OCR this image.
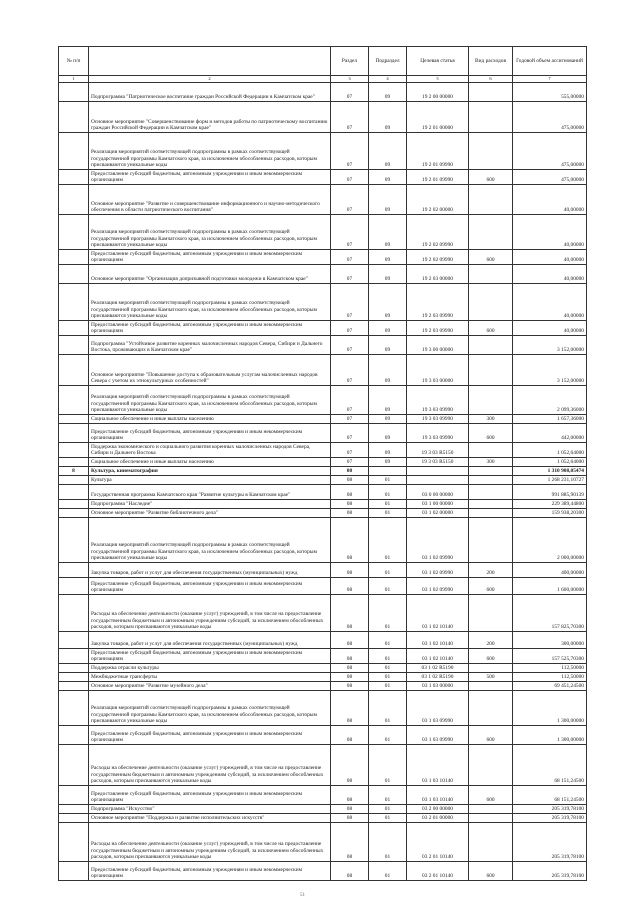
№ п/п		Раздел	Подраздел	Целевая статья	Вид расходов	Годовой объем ассигнований
1	2	3	4	5	6	7
	Подпрограмма "Патриотическое воспитание граждан Российской Федерации в Камчатском крае"	07	09	19 2 00 00000		555,00000
	Основное мероприятие "Совершенствование форм и методов работы по патриотическому воспитанию граждан Российской Федерации в Камчатском крае"	07	09	19 2 01 00000		475,00000
	Реализация мероприятий соответствующей подпрограммы в рамках соответствующей государственной программы Камчатского края, за исключением обособленных расходов, которым присваиваются уникальные коды	07	09	19 2 01 09990		475,00000
	Предоставление субсидий бюджетным, автономным учреждениям и иным некоммерческим организациям	07	09	19 2 01 09990	600	475,00000
	Основное мероприятие "Развитие и совершенствование информационного и научно-методического обеспечения в области патриотического воспитания"	07	09	19 2 02 00000		40,00000
	Реализация мероприятий соответствующей подпрограммы в рамках соответствующей государственной программы Камчатского края, за исключением обособленных расходов, которым присваиваются уникальные коды	07	09	19 2 02 09990		40,00000
	Предоставление субсидий бюджетным, автономным учреждениям и иным некоммерческим организациям	07	09	19 2 02 09990	600	40,00000
	Основное мероприятие "Организация допризывной подготовки молодежи в Камчатском крае"	07	09	19 2 03 00000		40,00000
	Реализация мероприятий соответствующей подпрограммы в рамках соответствующей государственной программы Камчатского края, за исключением обособленных расходов, которым присваиваются уникальные коды	07	09	19 2 03 09990		40,00000
	Предоставление субсидий бюджетным, автономным учреждениям и иным некоммерческим организациям	07	09	19 2 03 09990	600	40,00000
	Подпрограмма "Устойчивое развитие коренных малочисленных народов Севера, Сибири и Дальнего Востока, проживающих в Камчатском крае"	07	09	19 3 00 00000		3 152,00000
	Основное мероприятие "Повышение доступа к образовательным услугам малочисленных народов Севера с учетом их этнокультурных особенностей"	07	09	19 3 03 00000		3 152,00000
	Реализация мероприятий соответствующей подпрограммы в рамках соответствующей государственной программы Камчатского края, за исключением обособленных расходов, которым присваиваются уникальные коды	07	09	19 3 03 09990		2 099,36000
	Социальное обеспечение и иные выплаты населению	07	09	19 3 03 09990	300	1 657,36000
	Предоставление субсидий бюджетным, автономным учреждениям и иным некоммерческим организациям	07	09	19 3 03 09990	600	442,00000
	Поддержка экономического и социального развития коренных малочисленных народов Севера, Сибири и Дальнего Востока	07	09	19 3 03 R5150		1 052,64000
	Социальное обеспечение и иные выплаты населению	07	09	19 3 03 R5150	300	1 052,64000
8	Культура, кинематография	08				1 310 908,05474
	Культура	08	01			1 268 231,10727
	Государственная программа Камчатского края "Развитие культуры в Камчатском крае"	08	01	03 0 00 00000		991 885,90139
	Подпрограмма "Наследие"	08	01	03 1 00 00000		229 389,44800
	Основное мероприятие "Развитие библиотечного дела"	08	01	03 1 02 00000		159 938,20300
	Реализация мероприятий соответствующей подпрограммы в рамках соответствующей государственной программы Камчатского края, за исключением обособленных расходов, которым присваиваются уникальные коды	08	01	03 1 02 09990		2 000,00000
	Закупка товаров, работ и услуг для обеспечения государственных (муниципальных) нужд	08	01	03 1 02 09990	200	400,00000
	Предоставление субсидий бюджетным, автономным учреждениям и иным некоммерческим организациям	08	01	03 1 02 09990	600	1 600,00000
	Расходы на обеспечение деятельности (оказание услуг) учреждений, в том числе на предоставление государственным бюджетным и автономным учреждениям субсидий, за исключением обособленных расходов, которым присваиваются уникальные коды	08	01	03 1 02 10140		157 825,70300
	Закупка товаров, работ и услуг для обеспечения государственных (муниципальных) нужд	08	01	03 1 02 10140	200	300,00000
	Предоставление субсидий бюджетным, автономным учреждениям и иным некоммерческим организациям	08	01	03 1 02 10140	600	157 525,70300
	Поддержка отрасли культуры	08	01	03 1 02 R5190		112,50000
	Межбюджетные трансферты	08	01	03 1 02 R5190	500	112,50000
	Основное мероприятие "Развитие музейного дела"	08	01	03 1 03 00000		69 451,24500
	Реализация мероприятий соответствующей подпрограммы в рамках соответствующей государственной программы Камчатского края, за исключением обособленных расходов, которым присваиваются уникальные коды	08	01	03 1 03 09990		1 300,00000
	Предоставление субсидий бюджетным, автономным учреждениям и иным некоммерческим организациям	08	01	03 1 03 09990	600	1 300,00000
	Расходы на обеспечение деятельности (оказание услуг) учреждений, в том числе на предоставление государственным бюджетным и автономным учреждениям субсидий, за исключением обособленных расходов, которым присваиваются уникальные коды	08	01	03 1 03 10140		68 151,24500
	Предоставление субсидий бюджетным, автономным учреждениям и иным некоммерческим организациям	08	01	03 1 03 10140	600	68 151,24500
	Подпрограмма "Искусство"	08	01	03 2 00 00000		205 319,78100
	Основное мероприятие "Поддержка и развитие исполнительских искусств"	08	01	03 2 01 00000		205 319,78100
	Расходы на обеспечение деятельности (оказание услуг) учреждений, в том числе на предоставление государственным бюджетным и автономным учреждениям субсидий, за исключением обособленных расходов, которым присваиваются уникальные коды	08	01	03 2 01 10140		205 319,78100
	Предоставление субсидий бюджетным, автономным учреждениям и иным некоммерческим организациям	08	01	03 2 01 10140	600	205 319,78100
51
